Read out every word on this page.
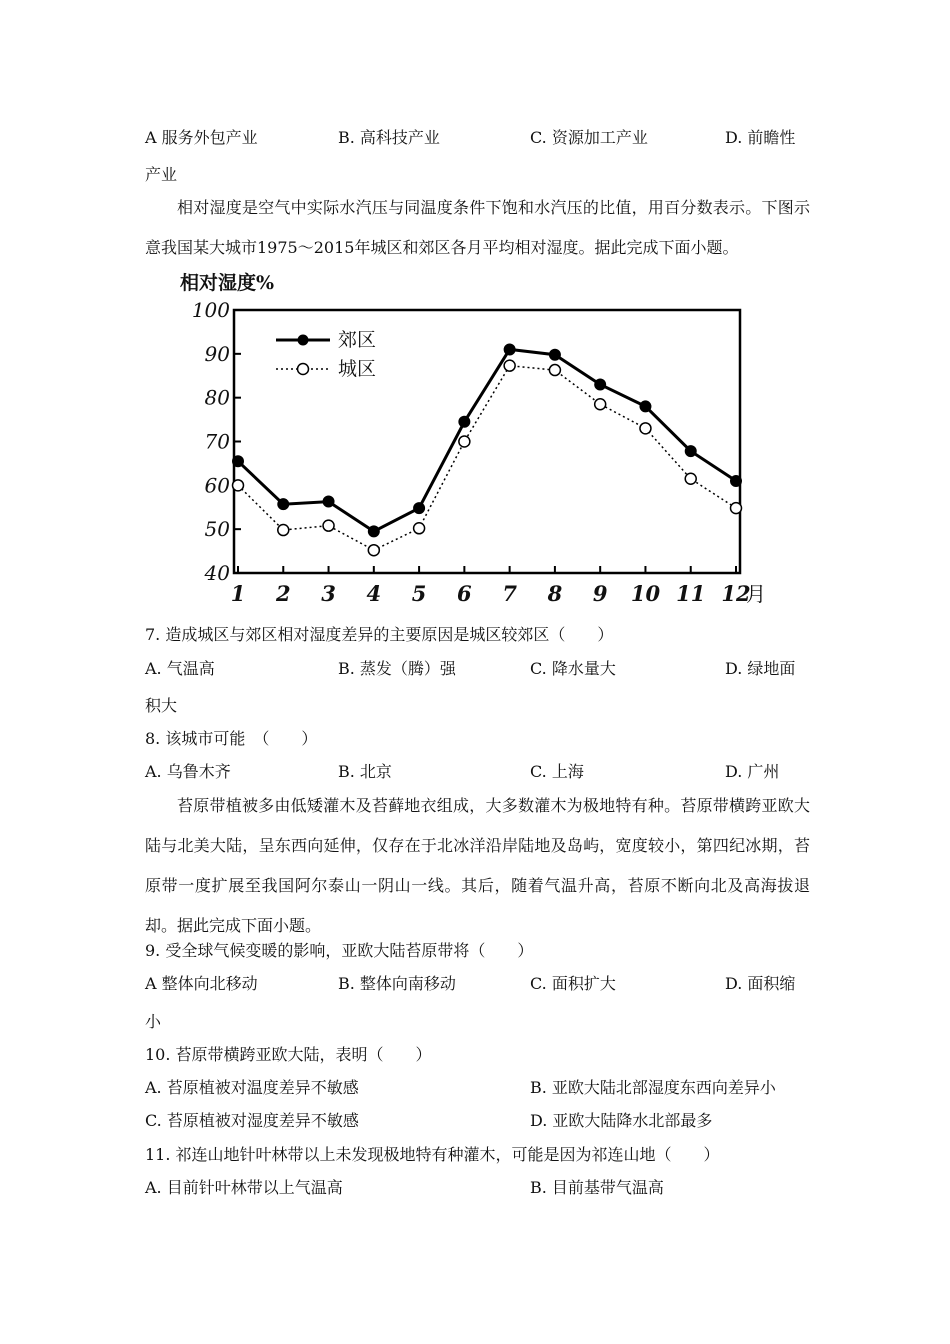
A 服务外包产业	B. 高科技产业	C. 资源加工产业	D. 前瞻性
产业
相对湿度是空气中实际水汽压与同温度条件下饱和水汽压的比值，用百分数表示。下图示意我国某大城市1975～2015年城区和郊区各月平均相对湿度。据此完成下面小题。
相对湿度%
40
50
60
70
80
90
100
1 2 3 4 5 6 7 8 9 10 11 12
月
郊区
城区
7. 造成城区与郊区相对湿度差异的主要原因是城区较郊区（　　）
A. 气温高	B. 蒸发（腾）强	C. 降水量大	D. 绿地面
积大
8. 该城市可能　（　　）
A. 乌鲁木齐	B. 北京	C. 上海	D. 广州
苔原带植被多由低矮灌木及苔藓地衣组成，大多数灌木为极地特有种。苔原带横跨亚欧大陆与北美大陆，呈东西向延伸，仅存在于北冰洋沿岸陆地及岛屿，宽度较小，第四纪冰期，苔原带一度扩展至我国阿尔泰山一阴山一线。其后，随着气温升高，苔原不断向北及高海拔退却。据此完成下面小题。
9. 受全球气候变暖的影响，亚欧大陆苔原带将（　　）
A 整体向北移动	B. 整体向南移动	C. 面积扩大	D. 面积缩
小
10. 苔原带横跨亚欧大陆，表明（　　）
A. 苔原植被对温度差异不敏感	B. 亚欧大陆北部湿度东西向差异小
C. 苔原植被对湿度差异不敏感	D. 亚欧大陆降水北部最多
11. 祁连山地针叶林带以上未发现极地特有种灌木，可能是因为祁连山地（　　）
A. 目前针叶林带以上气温高	B. 目前基带气温高
